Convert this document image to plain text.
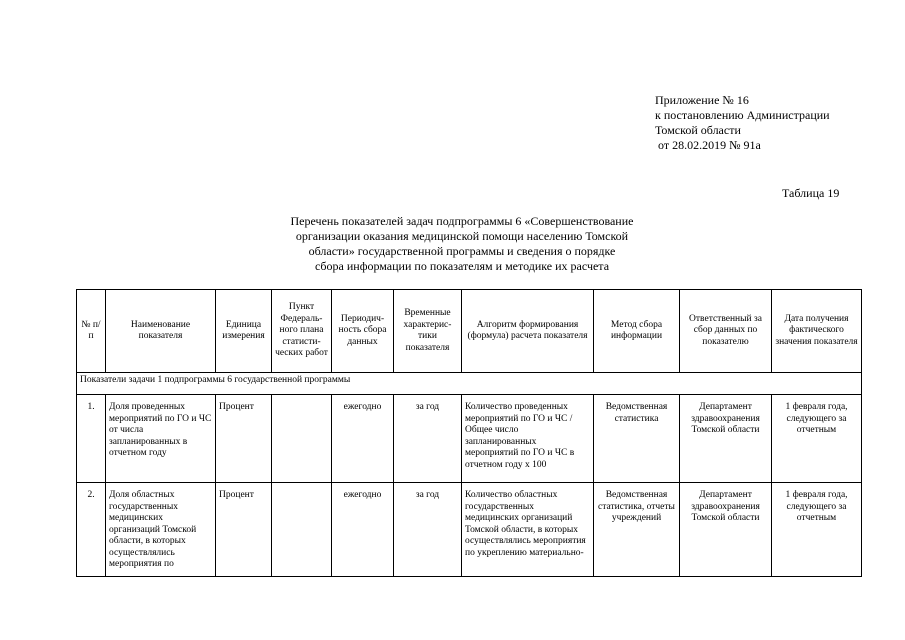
Приложение № 16
к постановлению Администрации
Томской области
от 28.02.2019 № 91а
Таблица 19
Перечень показателей задач подпрограммы 6 «Совершенствование
организации оказания медицинской помощи населению Томской
области» государственной программы и сведения о порядке
сбора информации по показателям и методике их расчета
№ п/п	Наименование показателя	Единица измерения	Пункт Федераль-ного плана статисти-ческих работ	Периодич-ность сбора данных	Временные характерис-тики показателя	Алгоритм формирования (формула) расчета показателя	Метод сбора информации	Ответственный за сбор данных по показателю	Дата получения фактического значения показателя
Показатели задачи 1 подпрограммы 6 государственной программы									
1.	Доля проведенных мероприятий по ГО и ЧС от числа запланированных в отчетном году	Процент		ежегодно	за год	Количество проведенных мероприятий по ГО и ЧС / Общее число запланированных мероприятий по ГО и ЧС в отчетном году х 100	Ведомственная статистика	Департамент здравоохранения Томской области	1 февраля года, следующего за отчетным
2.	Доля областных государственных медицинских организаций Томской области, в которых осуществлялись мероприятия по	Процент		ежегодно	за год	Количество областных государственных медицинских организаций Томской области, в которых осуществлялись мероприятия по укреплению материально-	Ведомственная статистика, отчеты учреждений	Департамент здравоохранения Томской области	1 февраля года, следующего за отчетным
